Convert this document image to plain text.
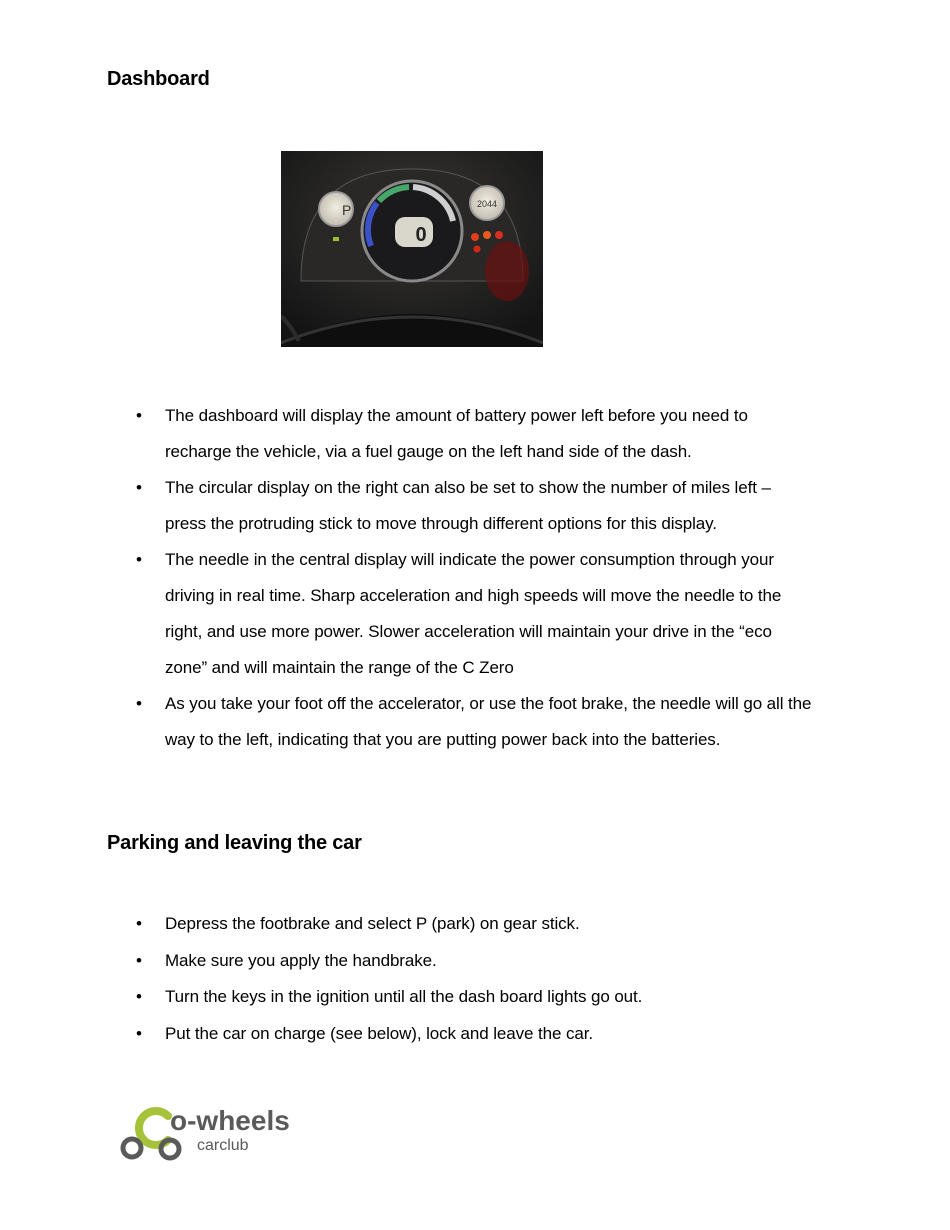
Dashboard
P	2044
0
• The dashboard will display the amount of battery power left before you need to recharge the vehicle, via a fuel gauge on the left hand side of the dash.
• The circular display on the right can also be set to show the number of miles left – press the protruding stick to move through different options for this display.
• The needle in the central display will indicate the power consumption through your driving in real time. Sharp acceleration and high speeds will move the needle to the right, and use more power. Slower acceleration will maintain your drive in the “eco zone” and will maintain the range of the C Zero
• As you take your foot off the accelerator, or use the foot brake, the needle will go all the way to the left, indicating that you are putting power back into the batteries.
Parking and leaving the car
• Depress the footbrake and select P (park) on gear stick.
• Make sure you apply the handbrake.
• Turn the keys in the ignition until all the dash board lights go out.
• Put the car on charge (see below), lock and leave the car.
o-wheels
carclub
